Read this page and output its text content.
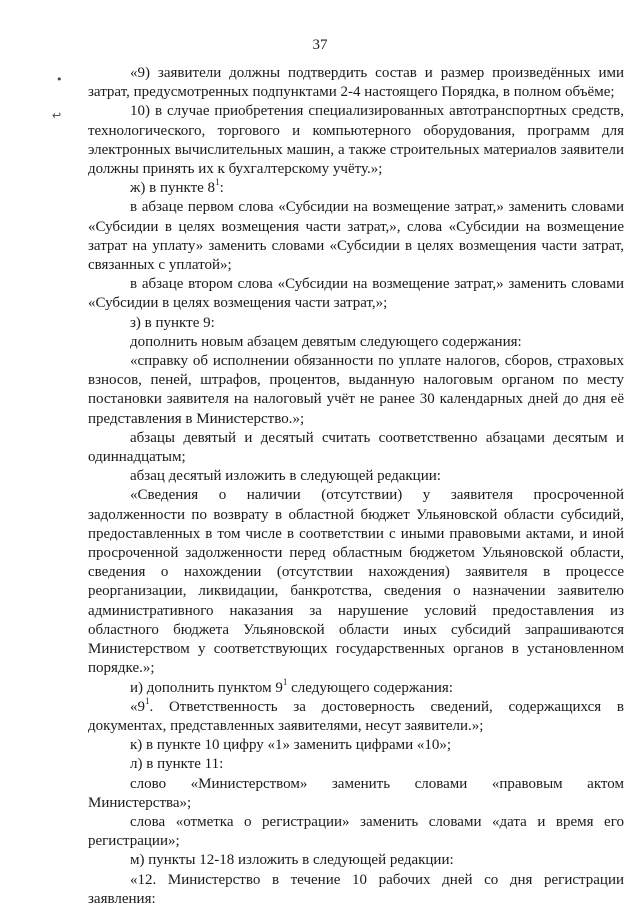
37
•
↩

«9) заявители должны подтвердить состав и размер произведённых ими затрат, предусмотренных подпунктами 2-4 настоящего Порядка, в полном объёме;

10) в случае приобретения специализированных автотранспортных средств, технологического, торгового и компьютерного оборудования, программ для электронных вычислительных машин, а также строительных материалов заявители должны принять их к бухгалтерскому учёту.»;

ж) в пункте $8^1$:

в абзаце первом слова «Субсидии на возмещение затрат,» заменить словами «Субсидии в целях возмещения части затрат,», слова «Субсидии на возмещение затрат на уплату» заменить словами «Субсидии в целях возмещения части затрат, связанных с уплатой»;

в абзаце втором слова «Субсидии на возмещение затрат,» заменить словами «Субсидии в целях возмещения части затрат,»;

з) в пункте 9:

дополнить новым абзацем девятым следующего содержания:

«справку об исполнении обязанности по уплате налогов, сборов, страховых взносов, пеней, штрафов, процентов, выданную налоговым органом по месту постановки заявителя на налоговый учёт не ранее 30 календарных дней до дня её представления в Министерство.»;

абзацы девятый и десятый считать соответственно абзацами десятым и одиннадцатым;

абзац десятый изложить в следующей редакции:

«Сведения о наличии (отсутствии) у заявителя просроченной задолженности по возврату в областной бюджет Ульяновской области субсидий, предоставленных в том числе в соответствии с иными правовыми актами, и иной просроченной задолженности перед областным бюджетом Ульяновской области, сведения о нахождении (отсутствии нахождения) заявителя в процессе реорганизации, ликвидации, банкротства, сведения о назначении заявителю административного наказания за нарушение условий предоставления из областного бюджета Ульяновской области иных субсидий запрашиваются Министерством у соответствующих государственных органов в установленном порядке.»;

и) дополнить пунктом $9^1$ следующего содержания:

«$9^1$. Ответственность за достоверность сведений, содержащихся в документах, представленных заявителями, несут заявители.»;

к) в пункте 10 цифру «1» заменить цифрами «10»;

л) в пункте 11:

слово «Министерством» заменить словами «правовым актом Министерства»;

слова «отметка о регистрации» заменить словами «дата и время его регистрации»;

м) пункты 12-18 изложить в следующей редакции:

«12. Министерство в течение 10 рабочих дней со дня регистрации заявления:
